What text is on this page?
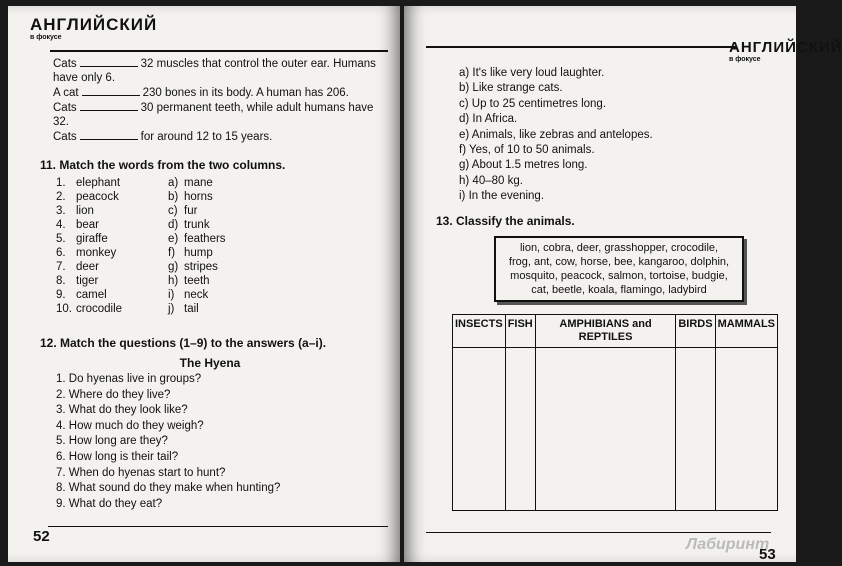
АНГЛИЙСКИЙ
в фокусе
Cats	32 muscles that control the outer ear. Humans
have only 6.
A cat	230 bones in its body. A human has 206.
Cats	30 permanent teeth, while adult humans have
32.
Cats	for around 12 to 15 years.
11. Match the words from the two columns.
1. elephant	a) mane
2. peacock	b) horns
3. lion	c) fur
4. bear	d) trunk
5. giraffe	e) feathers
6. monkey	f) hump
7. deer	g) stripes
8. tiger	h) teeth
9. camel	i) neck
10. crocodile	j) tail
12. Match the questions (1–9) to the answers (a–i).
The Hyena
1. Do hyenas live in groups?
2. Where do they live?
3. What do they look like?
4. How much do they weigh?
5. How long are they?
6. How long is their tail?
7. When do hyenas start to hunt?
8. What sound do they make when hunting?
9. What do they eat?
52
АНГЛИЙСКИЙ
в фокусе
a) It's like very loud laughter.
b) Like strange cats.
c) Up to 25 centimetres long.
d) In Africa.
e) Animals, like zebras and antelopes.
f) Yes, of 10 to 50 animals.
g) About 1.5 metres long.
h) 40–80 kg.
i) In the evening.
13. Classify the animals.
lion, cobra, deer, grasshopper, crocodile,
frog, ant, cow, horse, bee, kangaroo, dolphin,
mosquito, peacock, salmon, tortoise, budgie,
cat, beetle, koala, flamingo, ladybird
INSECTS	FISH	AMPHIBIANS and REPTILES	BIRDS	MAMMALS

Лабиринт
53
